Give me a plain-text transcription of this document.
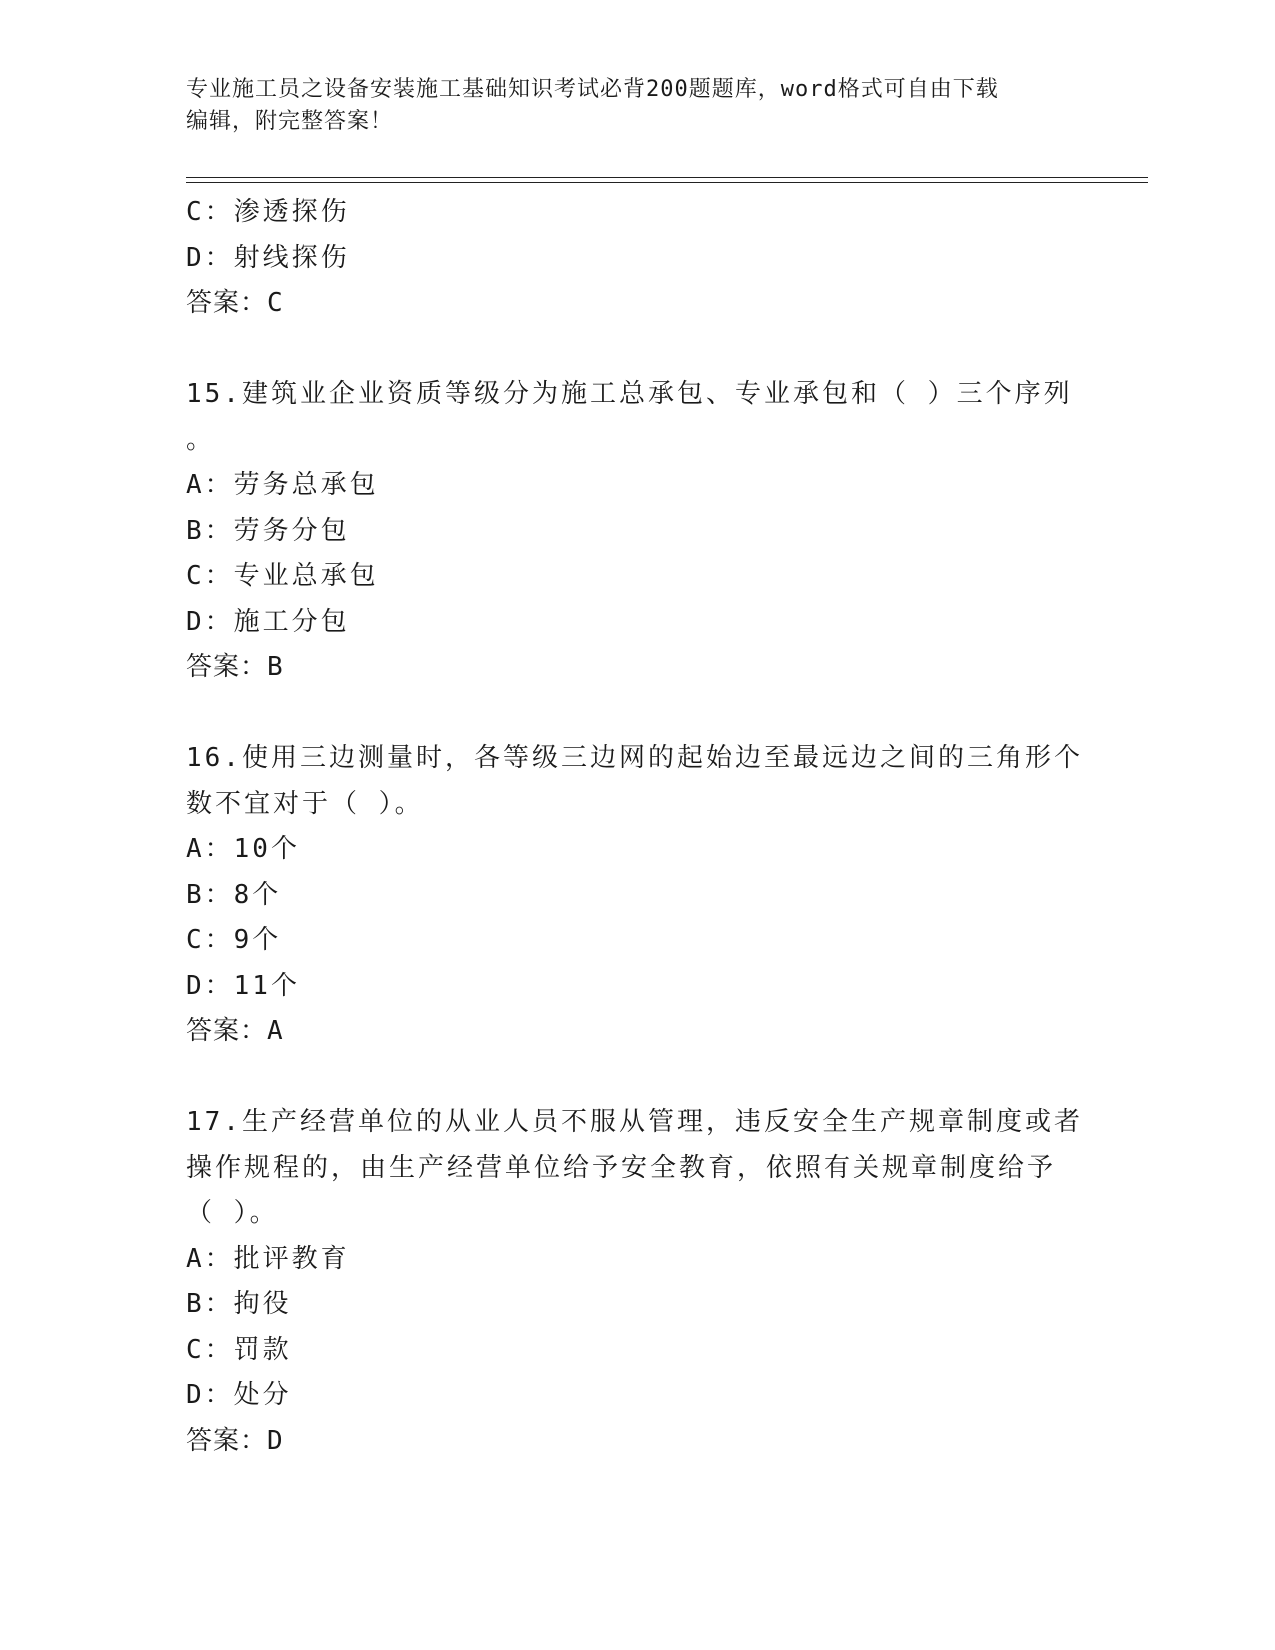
专业施工员之设备安装施工基础知识考试必背200题题库，word格式可自由下载
编辑，附完整答案！
C：渗透探伤
D：射线探伤
答案：C
15.建筑业企业资质等级分为施工总承包、专业承包和（ ）三个序列
。
A：劳务总承包
B：劳务分包
C：专业总承包
D：施工分包
答案：B
16.使用三边测量时，各等级三边网的起始边至最远边之间的三角形个
数不宜对于（ ）。
A：10个
B：8个
C：9个
D：11个
答案：A
17.生产经营单位的从业人员不服从管理，违反安全生产规章制度或者
操作规程的，由生产经营单位给予安全教育，依照有关规章制度给予
（ ）。
A：批评教育
B：拘役
C：罚款
D：处分
答案：D
